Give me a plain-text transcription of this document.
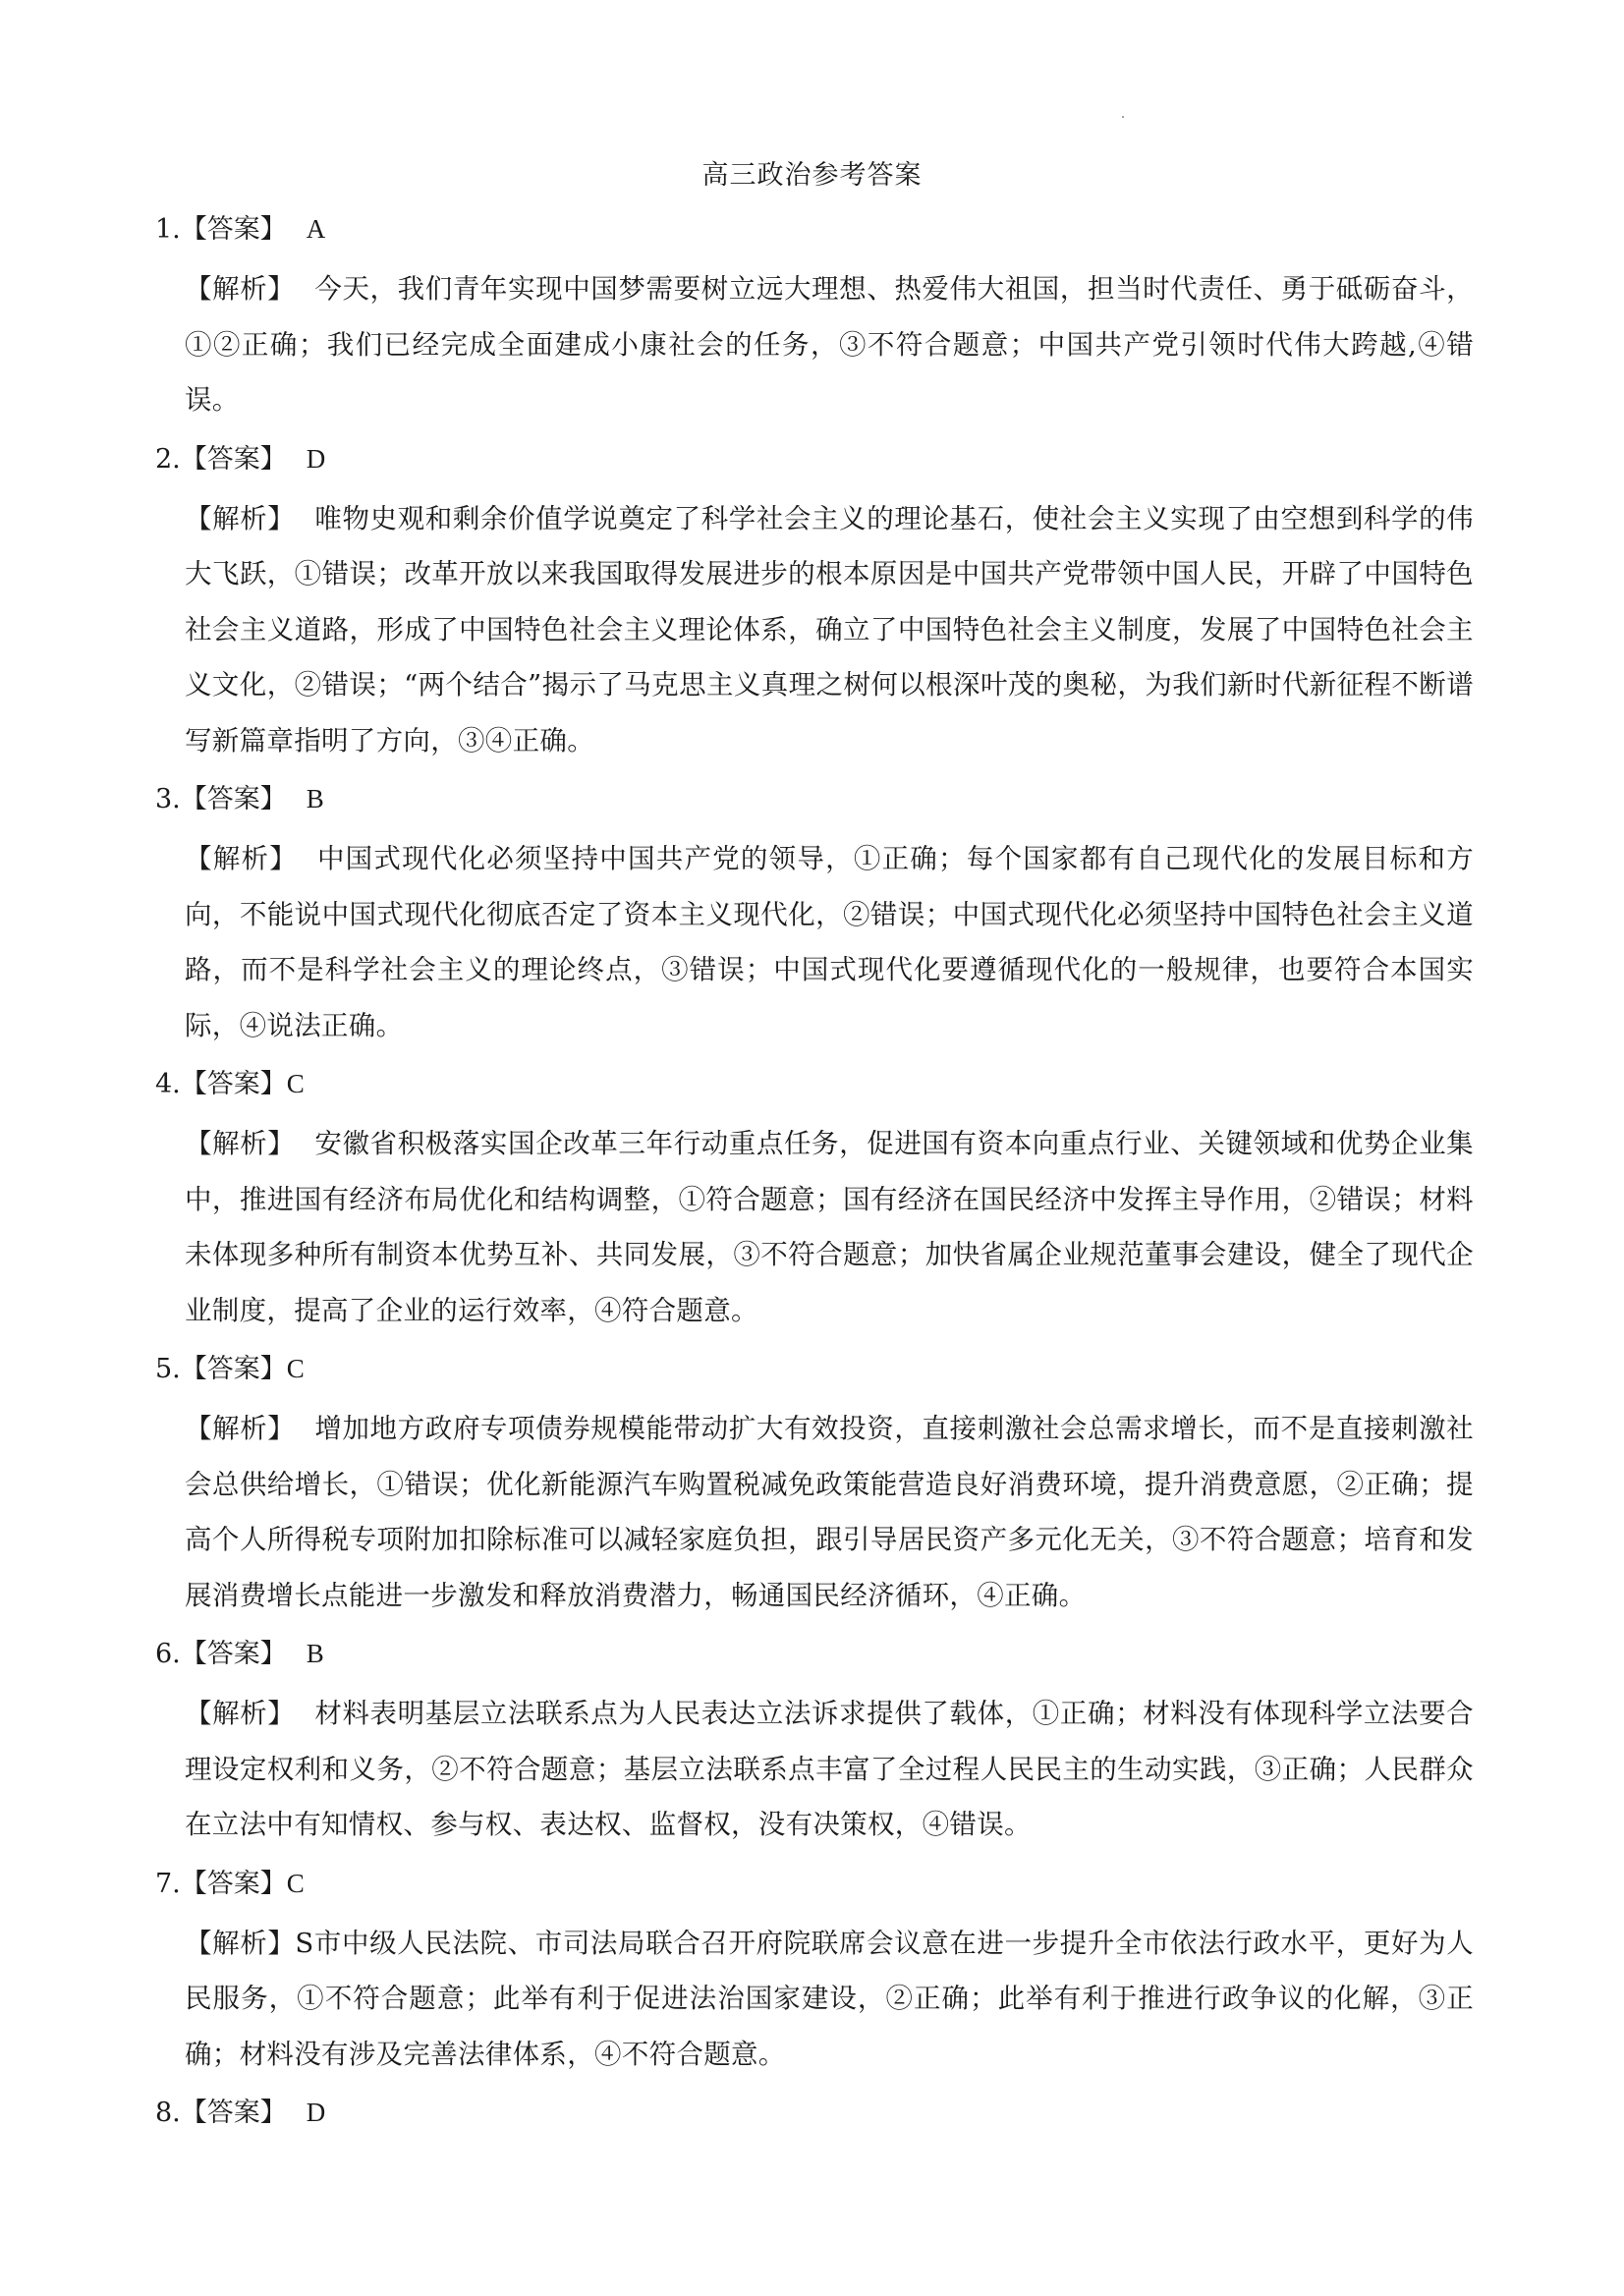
高三政治参考答案
1.【答案】 A
【解析】 今天，我们青年实现中国梦需要树立远大理想、热爱伟大祖国，担当时代责任、勇于砥砺奋斗，①②正确；我们已经完成全面建成小康社会的任务，③不符合题意；中国共产党引领时代伟大跨越,④错误。
2.【答案】 D
【解析】 唯物史观和剩余价值学说奠定了科学社会主义的理论基石，使社会主义实现了由空想到科学的伟大飞跃，①错误；改革开放以来我国取得发展进步的根本原因是中国共产党带领中国人民，开辟了中国特色社会主义道路，形成了中国特色社会主义理论体系，确立了中国特色社会主义制度，发展了中国特色社会主义文化，②错误；“两个结合”揭示了马克思主义真理之树何以根深叶茂的奥秘，为我们新时代新征程不断谱写新篇章指明了方向，③④正确。
3.【答案】 B
【解析】 中国式现代化必须坚持中国共产党的领导，①正确；每个国家都有自己现代化的发展目标和方向，不能说中国式现代化彻底否定了资本主义现代化，②错误；中国式现代化必须坚持中国特色社会主义道路，而不是科学社会主义的理论终点，③错误；中国式现代化要遵循现代化的一般规律，也要符合本国实际，④说法正确。
4.【答案】C
【解析】 安徽省积极落实国企改革三年行动重点任务，促进国有资本向重点行业、关键领域和优势企业集中，推进国有经济布局优化和结构调整，①符合题意；国有经济在国民经济中发挥主导作用，②错误；材料未体现多种所有制资本优势互补、共同发展，③不符合题意；加快省属企业规范董事会建设，健全了现代企业制度，提高了企业的运行效率，④符合题意。
5.【答案】C
【解析】 增加地方政府专项债券规模能带动扩大有效投资，直接刺激社会总需求增长，而不是直接刺激社会总供给增长，①错误；优化新能源汽车购置税减免政策能营造良好消费环境，提升消费意愿，②正确；提高个人所得税专项附加扣除标准可以减轻家庭负担，跟引导居民资产多元化无关，③不符合题意；培育和发展消费增长点能进一步激发和释放消费潜力，畅通国民经济循环，④正确。
6.【答案】 B
【解析】 材料表明基层立法联系点为人民表达立法诉求提供了载体，①正确；材料没有体现科学立法要合理设定权利和义务，②不符合题意；基层立法联系点丰富了全过程人民民主的生动实践，③正确；人民群众在立法中有知情权、参与权、表达权、监督权，没有决策权，④错误。
7.【答案】C
【解析】S市中级人民法院、市司法局联合召开府院联席会议意在进一步提升全市依法行政水平，更好为人民服务，①不符合题意；此举有利于促进法治国家建设，②正确；此举有利于推进行政争议的化解，③正确；材料没有涉及完善法律体系，④不符合题意。
8.【答案】 D
